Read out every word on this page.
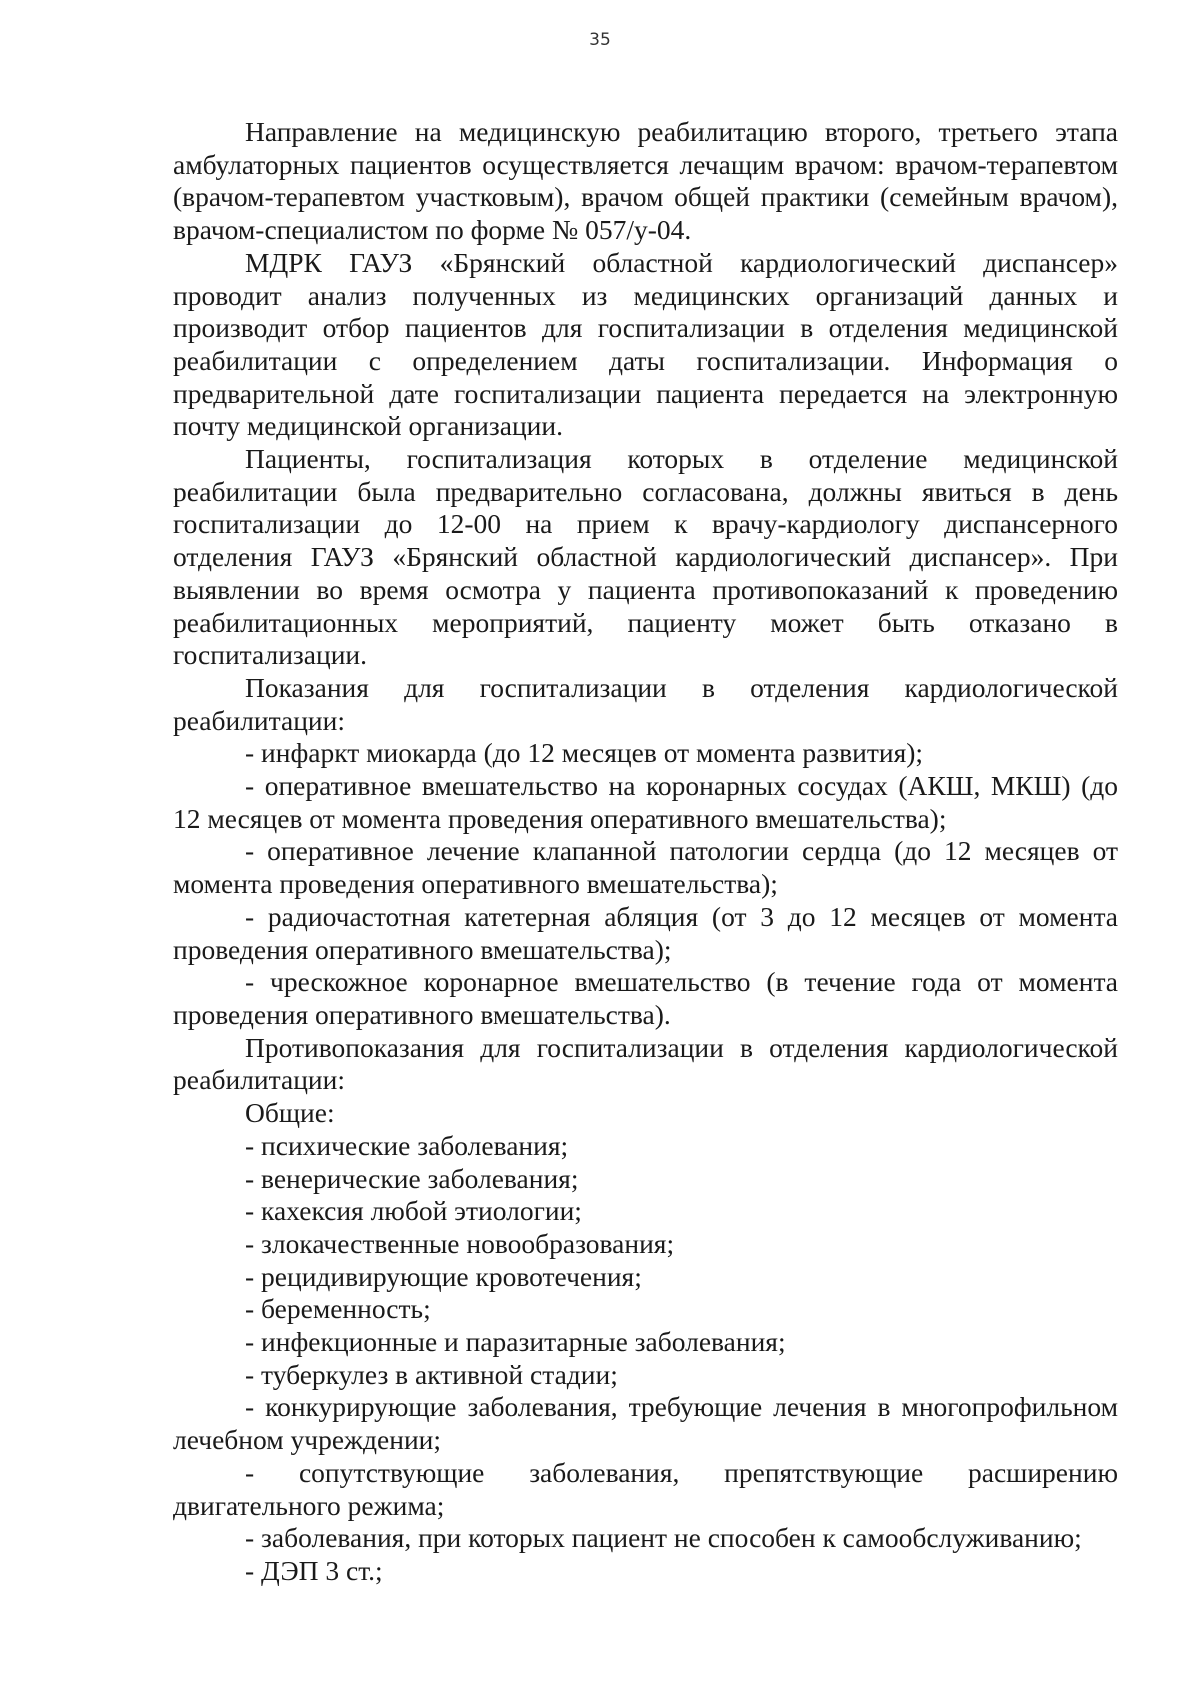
35

Направление на медицинскую реабилитацию второго, третьего этапа амбулаторных пациентов осуществляется лечащим врачом: врачом-терапевтом (врачом-терапевтом участковым), врачом общей практики (семейным врачом), врачом-специалистом по форме № 057/у-04.

МДРК ГАУЗ «Брянский областной кардиологический диспансер» проводит анализ полученных из медицинских организаций данных и производит отбор пациентов для госпитализации в отделения медицинской реабилитации с определением даты госпитализации. Информация о предварительной дате госпитализации пациента передается на электронную почту медицинской организации.

Пациенты, госпитализация которых в отделение медицинской реабилитации была предварительно согласована, должны явиться в день госпитализации до 12-00 на прием к врачу-кардиологу диспансерного отделения ГАУЗ «Брянский областной кардиологический диспансер». При выявлении во время осмотра у пациента противопоказаний к проведению реабилитационных мероприятий, пациенту может быть отказано в госпитализации.

Показания для госпитализации в отделения кардиологической реабилитации:

- инфаркт миокарда (до 12 месяцев от момента развития);

- оперативное вмешательство на коронарных сосудах (АКШ, МКШ) (до 12 месяцев от момента проведения оперативного вмешательства);

- оперативное лечение клапанной патологии сердца (до 12 месяцев от момента проведения оперативного вмешательства);

- радиочастотная катетерная абляция (от 3 до 12 месяцев от момента проведения оперативного вмешательства);

- чрескожное коронарное вмешательство (в течение года от момента проведения оперативного вмешательства).

Противопоказания для госпитализации в отделения кардиологической реабилитации:

Общие:

- психические заболевания;

- венерические заболевания;

- кахексия любой этиологии;

- злокачественные новообразования;

- рецидивирующие кровотечения;

- беременность;

- инфекционные и паразитарные заболевания;

- туберкулез в активной стадии;

- конкурирующие заболевания, требующие лечения в многопрофильном лечебном учреждении;

- сопутствующие заболевания, препятствующие расширению двигательного режима;

- заболевания, при которых пациент не способен к самообслуживанию;

- ДЭП 3 ст.;
